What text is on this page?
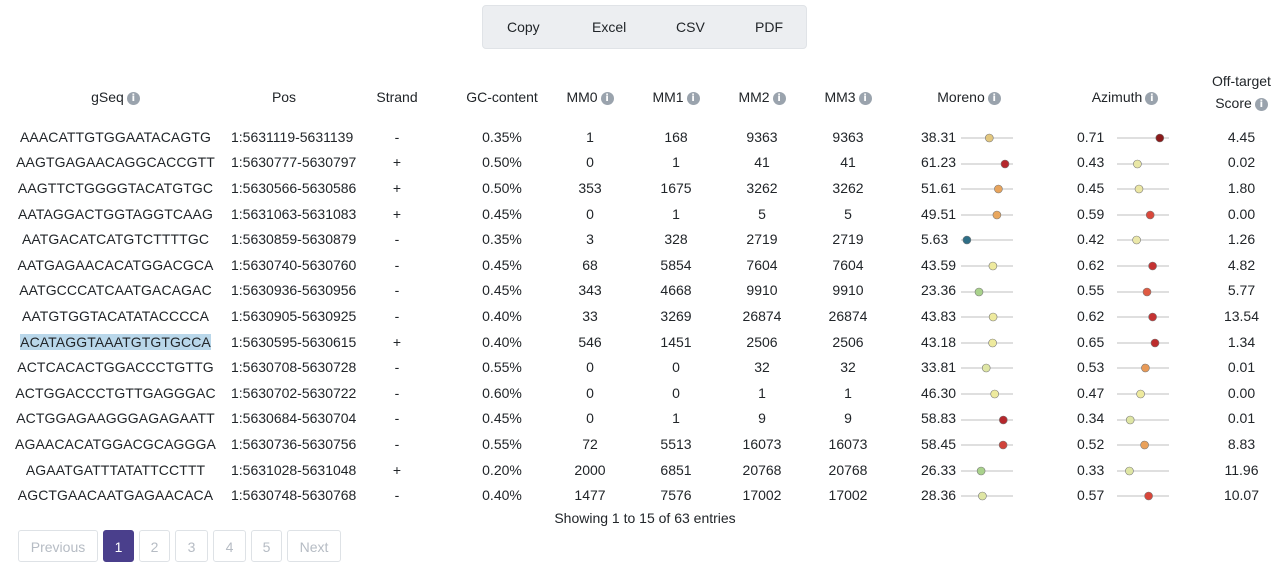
Copy	Excel	CSV	PDF
gSeq i	Pos	Strand	GC-content	MM0 i	MM1 i	MM2 i	MM3 i	Moreno i	Azimuth i	Off-target
Score i

AAACATTGTGGAATACAGTG	1:5631119-5631139	-	0.35%	1	168	9363	9363	38.31	0.71	4.45
AAGTGAGAACAGGCACCGTT	1:5630777-5630797	+	0.50%	0	1	41	41	61.23	0.43	0.02
AAGTTCTGGGGTACATGTGC	1:5630566-5630586	+	0.50%	353	1675	3262	3262	51.61	0.45	1.80
AATAGGACTGGTAGGTCAAG	1:5631063-5631083	+	0.45%	0	1	5	5	49.51	0.59	0.00
AATGACATCATGTCTTTTGC	1:5630859-5630879	-	0.35%	3	328	2719	2719	5.63	0.42	1.26
AATGAGAACACATGGACGCA	1:5630740-5630760	-	0.45%	68	5854	7604	7604	43.59	0.62	4.82
AATGCCCATCAATGACAGAC	1:5630936-5630956	-	0.45%	343	4668	9910	9910	23.36	0.55	5.77
AATGTGGTACATATACCCCA	1:5630905-5630925	-	0.40%	33	3269	26874	26874	43.83	0.62	13.54
ACATAGGTAAATGTGTGCCA	1:5630595-5630615	+	0.40%	546	1451	2506	2506	43.18	0.65	1.34
ACTCACACTGGACCCTGTTG	1:5630708-5630728	-	0.55%	0	0	32	32	33.81	0.53	0.01
ACTGGACCCTGTTGAGGGAC	1:5630702-5630722	-	0.60%	0	0	1	1	46.30	0.47	0.00
ACTGGAGAAGGGAGAGAATT	1:5630684-5630704	-	0.45%	0	1	9	9	58.83	0.34	0.01
AGAACACATGGACGCAGGGA	1:5630736-5630756	-	0.55%	72	5513	16073	16073	58.45	0.52	8.83
AGAATGATTTATATTCCTTT	1:5631028-5631048	+	0.20%	2000	6851	20768	20768	26.33	0.33	11.96
AGCTGAACAATGAGAACACA	1:5630748-5630768	-	0.40%	1477	7576	17002	17002	28.36	0.57	10.07
Showing 1 to 15 of 63 entries
Previous	1	2	3	4	5	Next
